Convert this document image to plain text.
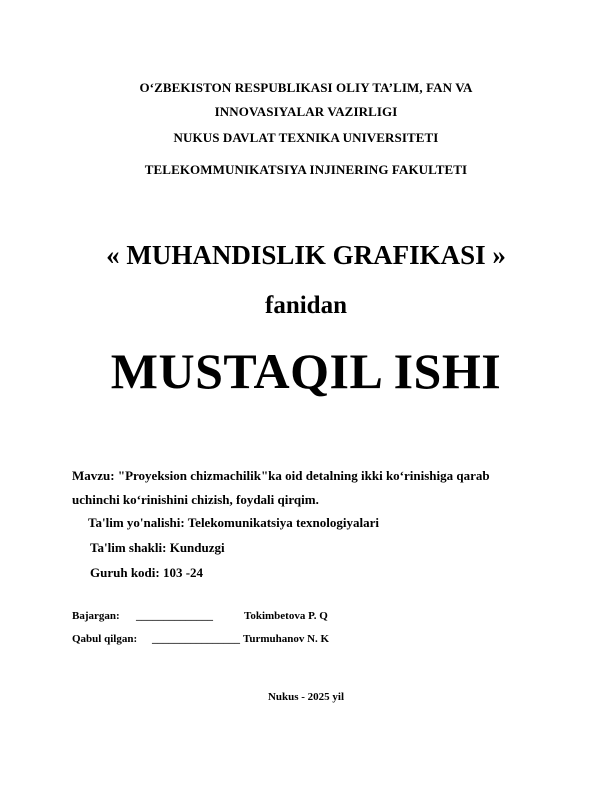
O‘ZBEKISTON RESPUBLIKASI OLIY TA’LIM, FAN VA
INNOVASIYALAR VAZIRLIGI
NUKUS DAVLAT TEXNIKA UNIVERSITETI
TELEKOMMUNIKATSIYA INJINERING FAKULTETI
« MUHANDISLIK GRAFIKASI »
fanidan
MUSTAQIL ISHI
Mavzu: "Proyeksion chizmachilik"ka oid detalning ikki ko‘rinishiga qarab
uchinchi ko‘rinishini chizish, foydali qirqim.
Ta'lim yo'nalishi: Telekomunikatsiya texnologiyalari
Ta'lim shakli: Kunduzgi
Guruh kodi: 103 -24
Bajargan: ______________	Tokimbetova P. Q
Qabul qilgan: ________________ Turmuhanov N. K
Nukus - 2025 yil
